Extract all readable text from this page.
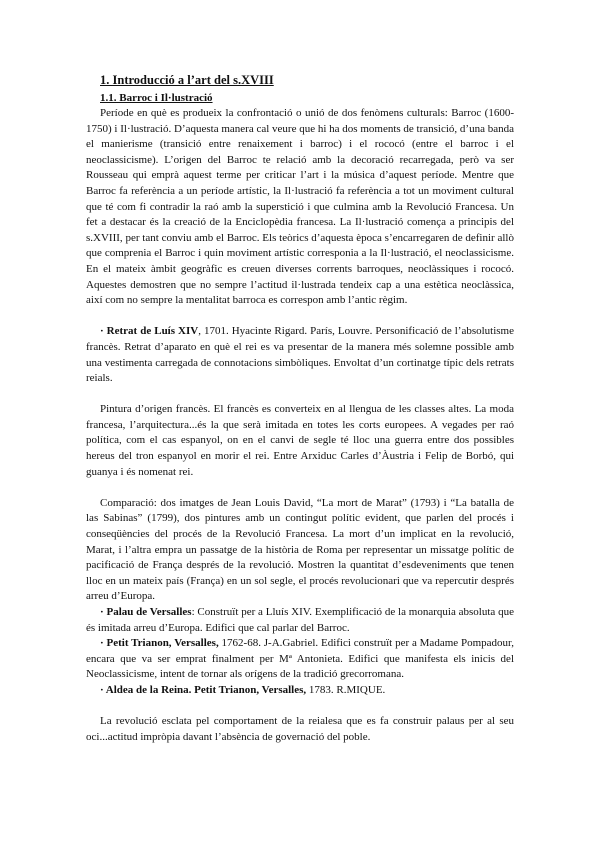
1. Introducció a l’art del s.XVIII
1.1. Barroc i Il·lustració

Període en què es produeix la confrontació o unió de dos fenòmens culturals: Barroc (1600-1750) i Il·lustració. D’aquesta manera cal veure que hi ha dos moments de transició, d’una banda el manierisme (transició entre renaixement i barroc) i el rococó (entre el barroc i el neoclassicisme). L’origen del Barroc te relació amb la decoració recarregada, però va ser Rousseau qui emprà aquest terme per criticar l’art i la música d’aquest període. Mentre que Barroc fa referència a un període artístic, la Il·lustració fa referència a tot un moviment cultural que té com fi contradir la raó amb la superstició i que culmina amb la Revolució Francesa. Un fet a destacar és la creació de la Enciclopèdia francesa. La Il·lustració comença a principis del s.XVIII, per tant conviu amb el Barroc. Els teòrics d’aquesta època s’encarregaren de definir allò que comprenia el Barroc i quin moviment artístic corresponia a la Il·lustració, el neoclassicisme. En el mateix àmbit geogràfic es creuen diverses corrents barroques, neoclàssiques i rococó. Aquestes demostren que no sempre l’actitud il·lustrada tendeix cap a una estètica neoclàssica, així com no sempre la mentalitat barroca es correspon amb l’antic règim.

· Retrat de Luís XIV, 1701. Hyacinte Rigard. París, Louvre. Personificació de l’absolutisme francès. Retrat d’aparato en què el rei es va presentar de la manera més solemne possible amb una vestimenta carregada de connotacions simbòliques. Envoltat d’un cortinatge típic dels retrats reials.

Pintura d’origen francès. El francès es converteix en al llengua de les classes altes. La moda francesa, l’arquitectura...és la que serà imitada en totes les corts europees. A vegades per raó política, com el cas espanyol, on en el canvi de segle té lloc una guerra entre dos possibles hereus del tron espanyol en morir el rei. Entre Arxiduc Carles d’Àustria i Felip de Borbó, qui guanya i és nomenat rei.

Comparació: dos imatges de Jean Louis David, “La mort de Marat” (1793) i “La batalla de las Sabinas” (1799), dos pintures amb un contingut polític evident, que parlen del procés i conseqüències del procés de la Revolució Francesa. La mort d’un implicat en la revolució, Marat, i l’altra empra un passatge de la història de Roma per representar un missatge polític de pacificació de França després de la revolució. Mostren la quantitat d’esdeveniments que tenen lloc en un mateix país (França) en un sol segle, el procés revolucionari que va repercutir després arreu d’Europa.

· Palau de Versalles: Construït per a Lluís XIV. Exemplificació de la monarquia absoluta que és imitada arreu d’Europa. Edifici que cal parlar del Barroc.

· Petit Trianon, Versalles, 1762-68. J-A.Gabriel. Edifici construït per a Madame Pompadour, encara que va ser emprat finalment per Mª Antonieta. Edifici que manifesta els inicis del Neoclassicisme, intent de tornar als orígens de la tradició grecorromana.

· Aldea de la Reina. Petit Trianon, Versalles, 1783. R.MIQUE.

La revolució esclata pel comportament de la reialesa que es fa construir palaus per al seu oci...actitud impròpia davant l’absència de governació del poble.
